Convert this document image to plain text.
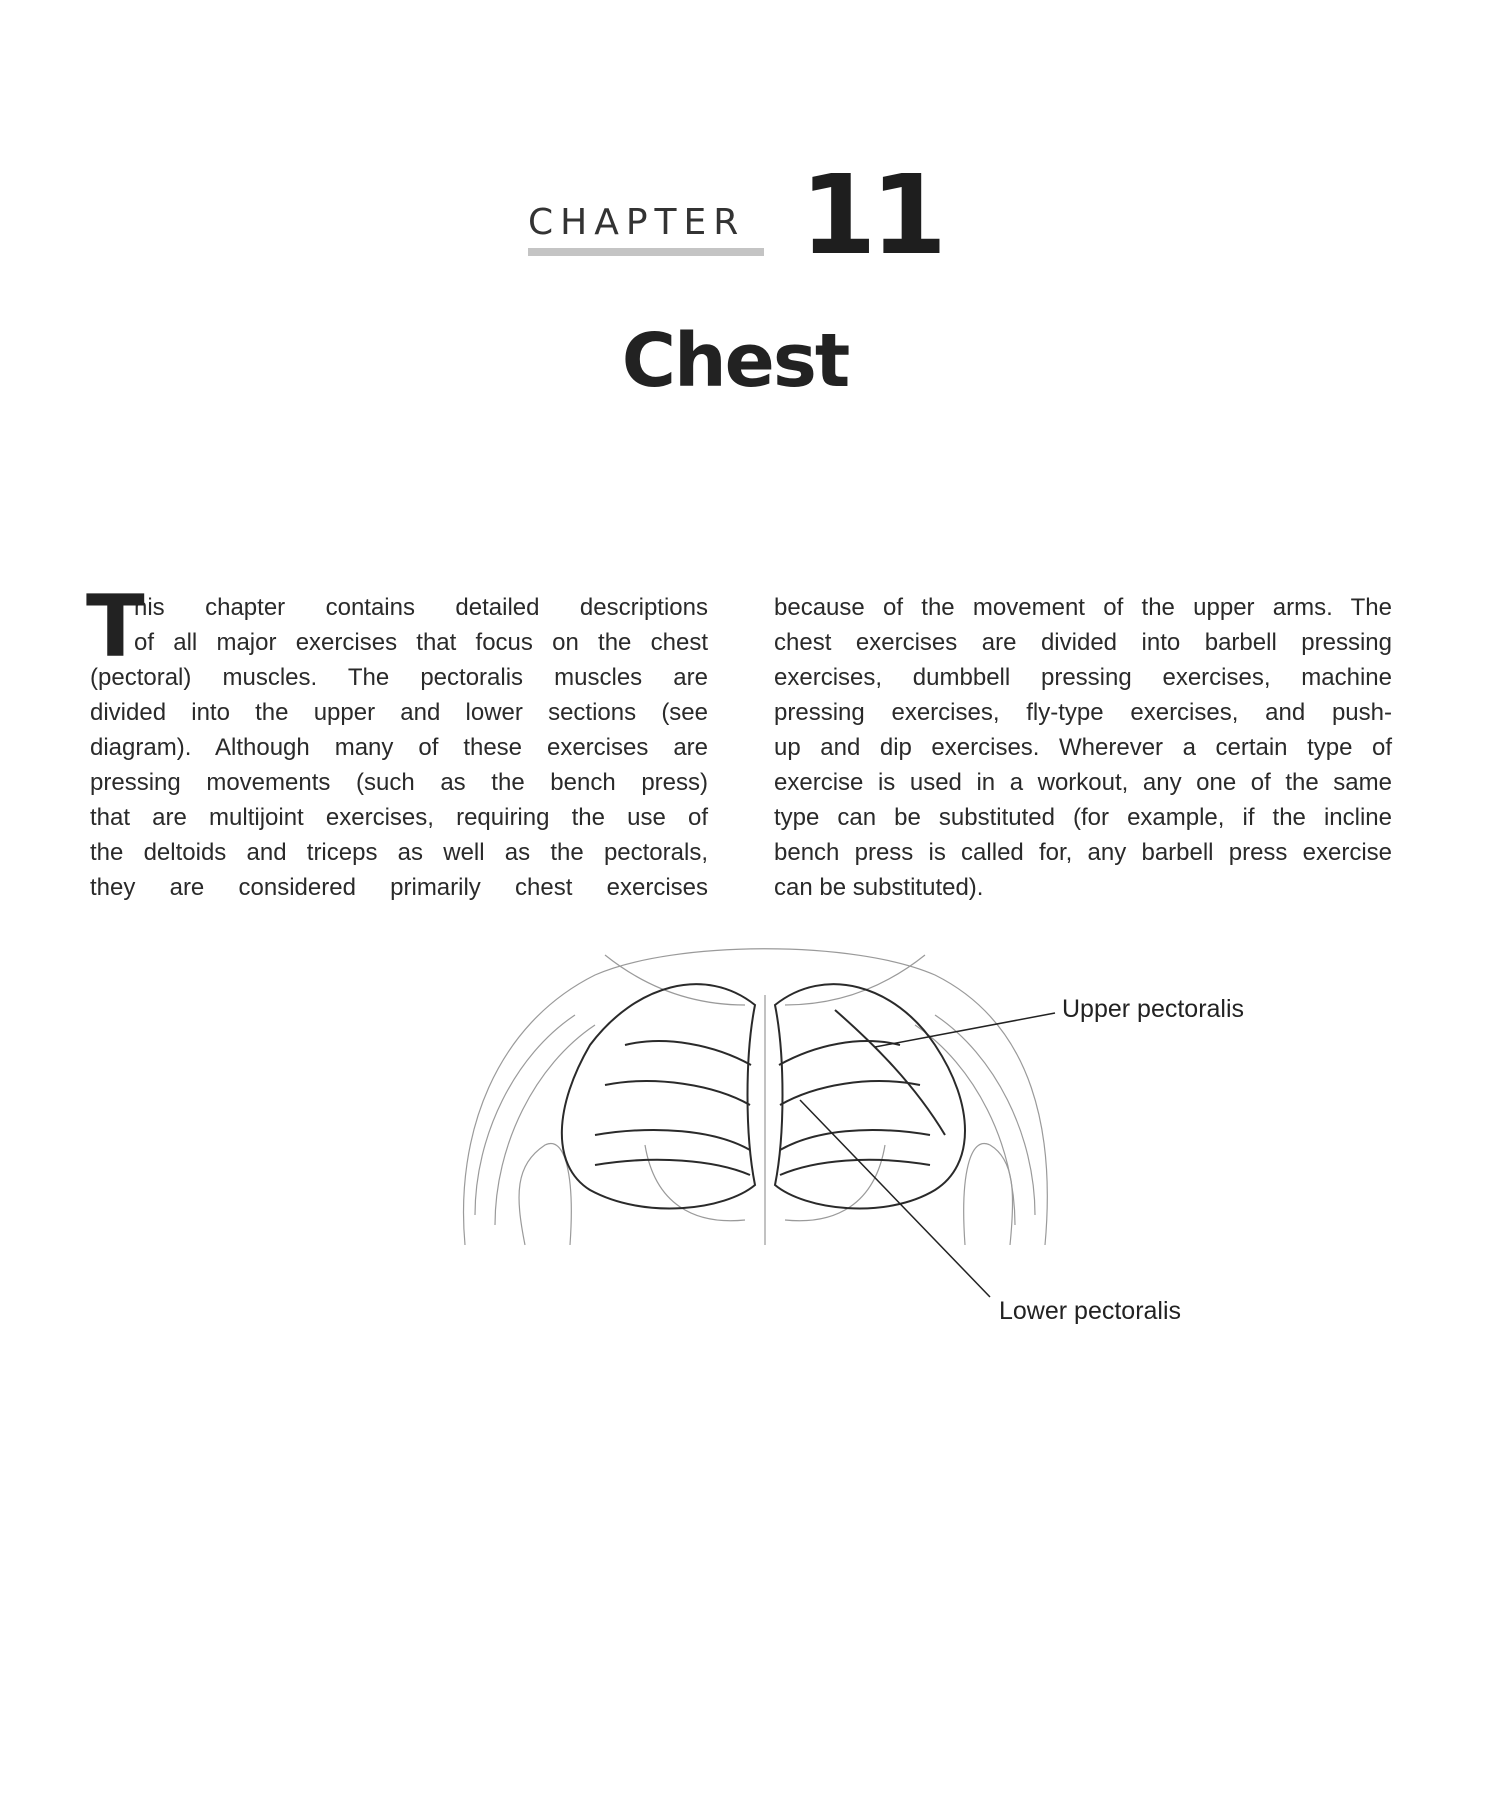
CHAPTER 11
Chest
T
his chapter contains detailed descriptions
of all major exercises that focus on the chest
(pectoral) muscles. The pectoralis muscles are
divided into the upper and lower sections (see
diagram). Although many of these exercises are
pressing movements (such as the bench press)
that are multijoint exercises, requiring the use of
the deltoids and triceps as well as the pectorals,
they are considered primarily chest exercises
because of the movement of the upper arms. The
chest exercises are divided into barbell pressing
exercises, dumbbell pressing exercises, machine
pressing exercises, fly-type exercises, and push-
up and dip exercises. Wherever a certain type of
exercise is used in a workout, any one of the same
type can be substituted (for example, if the incline
bench press is called for, any barbell press exercise
can be substituted).
Upper pectoralis
Lower pectoralis
